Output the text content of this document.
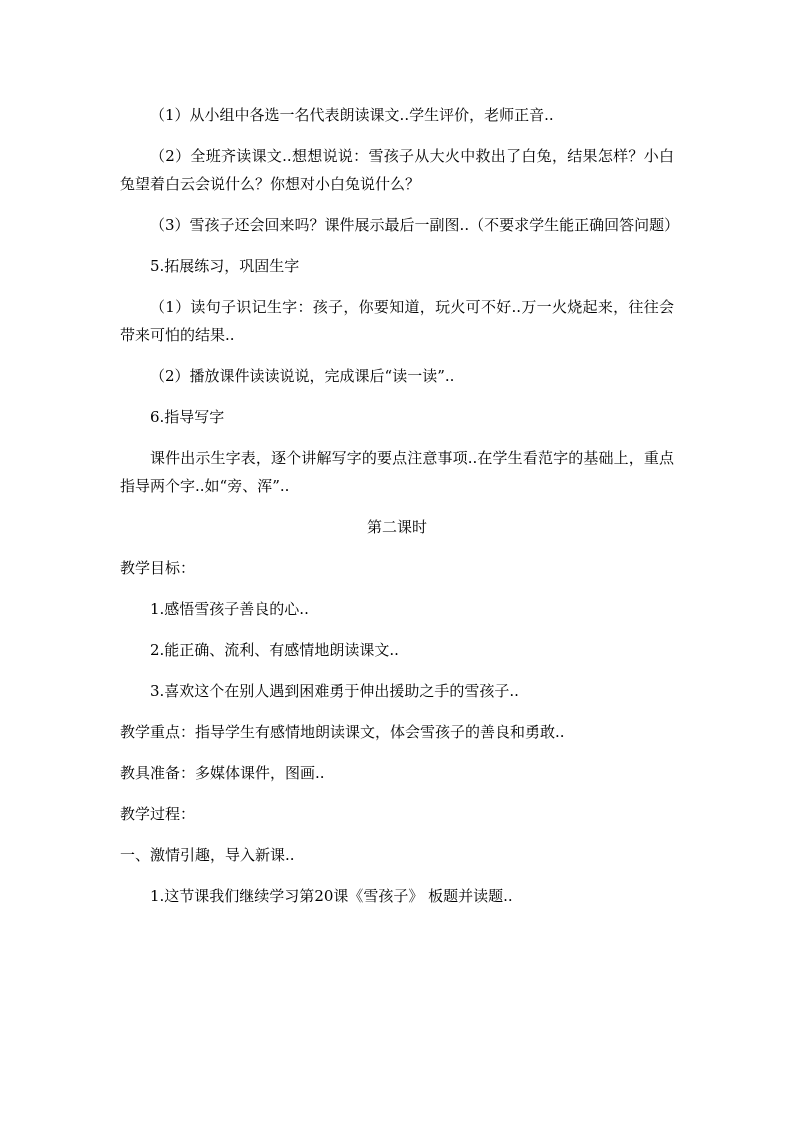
（1）从小组中各选一名代表朗读课文..学生评价，老师正音..

（2）全班齐读课文..想想说说：雪孩子从大火中救出了白兔，结果怎样？小白兔望着白云会说什么？你想对小白兔说什么？

（3）雪孩子还会回来吗？课件展示最后一副图..（不要求学生能正确回答问题）

5.拓展练习，巩固生字

（1）读句子识记生字：孩子，你要知道，玩火可不好..万一火烧起来，往往会带来可怕的结果..

（2）播放课件读读说说，完成课后“读一读”..

6.指导写字

课件出示生字表，逐个讲解写字的要点注意事项..在学生看范字的基础上，重点指导两个字..如“旁、浑”..

第二课时

教学目标：

1.感悟雪孩子善良的心..

2.能正确、流利、有感情地朗读课文..

3.喜欢这个在别人遇到困难勇于伸出援助之手的雪孩子..

教学重点：指导学生有感情地朗读课文，体会雪孩子的善良和勇敢..

教具准备：多媒体课件，图画..

教学过程：

一、激情引趣，导入新课..

1.这节课我们继续学习第20课《雪孩子》 板题并读题..
